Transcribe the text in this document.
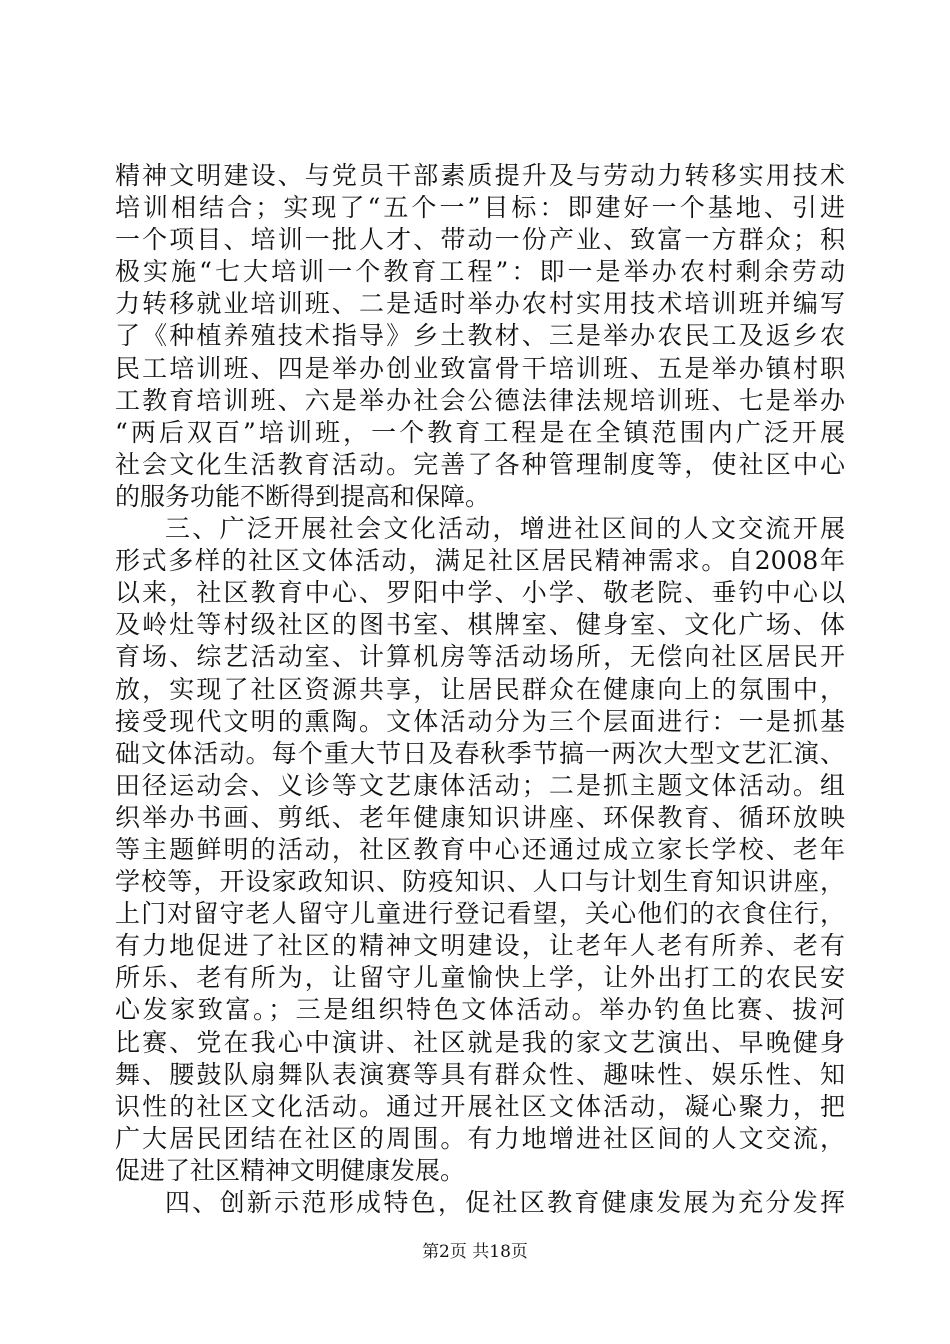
精神文明建设、与党员干部素质提升及与劳动力转移实用技术
培训相结合；实现了“五个一”目标：即建好一个基地、引进
一个项目、培训一批人才、带动一份产业、致富一方群众；积
极实施“七大培训一个教育工程”：即一是举办农村剩余劳动
力转移就业培训班、二是适时举办农村实用技术培训班并编写
了《种植养殖技术指导》乡土教材、三是举办农民工及返乡农
民工培训班、四是举办创业致富骨干培训班、五是举办镇村职
工教育培训班、六是举办社会公德法律法规培训班、七是举办
“两后双百”培训班，一个教育工程是在全镇范围内广泛开展
社会文化生活教育活动。完善了各种管理制度等，使社区中心
的服务功能不断得到提高和保障。
三、广泛开展社会文化活动，增进社区间的人文交流开展
形式多样的社区文体活动，满足社区居民精神需求。自2008年
以来，社区教育中心、罗阳中学、小学、敬老院、垂钓中心以
及岭灶等村级社区的图书室、棋牌室、健身室、文化广场、体
育场、综艺活动室、计算机房等活动场所，无偿向社区居民开
放，实现了社区资源共享，让居民群众在健康向上的氛围中，
接受现代文明的熏陶。文体活动分为三个层面进行：一是抓基
础文体活动。每个重大节日及春秋季节搞一两次大型文艺汇演、
田径运动会、义诊等文艺康体活动；二是抓主题文体活动。组
织举办书画、剪纸、老年健康知识讲座、环保教育、循环放映
等主题鲜明的活动，社区教育中心还通过成立家长学校、老年
学校等，开设家政知识、防疫知识、人口与计划生育知识讲座，
上门对留守老人留守儿童进行登记看望，关心他们的衣食住行，
有力地促进了社区的精神文明建设，让老年人老有所养、老有
所乐、老有所为，让留守儿童愉快上学，让外出打工的农民安
心发家致富。；三是组织特色文体活动。举办钓鱼比赛、拔河
比赛、党在我心中演讲、社区就是我的家文艺演出、早晚健身
舞、腰鼓队扇舞队表演赛等具有群众性、趣味性、娱乐性、知
识性的社区文化活动。通过开展社区文体活动，凝心聚力，把
广大居民团结在社区的周围。有力地增进社区间的人文交流，
促进了社区精神文明健康发展。
四、创新示范形成特色，促社区教育健康发展为充分发挥
第2页 共18页
